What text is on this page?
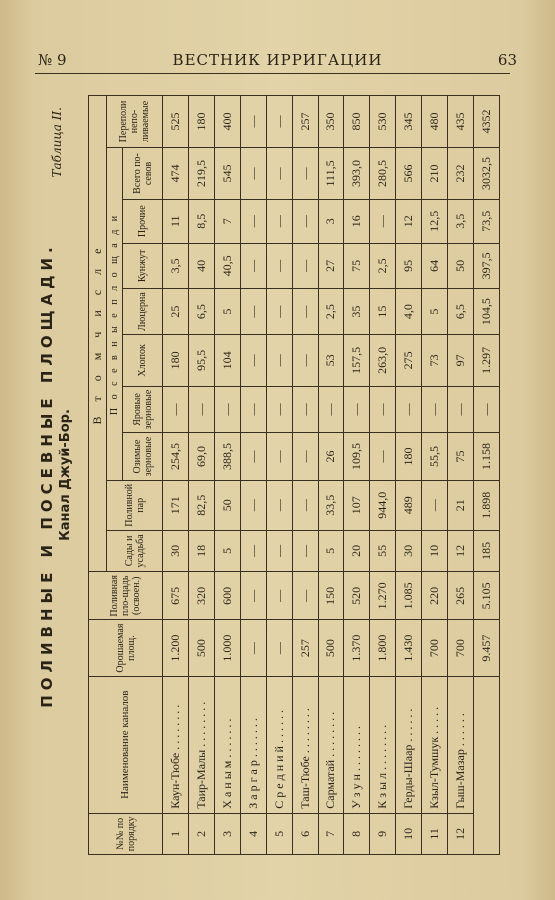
№ 9	ВЕСТНИК ИРРИГАЦИИ	63
ПОЛИВНЫЕ И ПОСЕВНЫЕ ПЛОЩАДИ. Канал Джуй-Бор.
Таблица II.
№№ по порядку	Наименование каналов	Орошаемая площ.	Поливная пло-щадь (освоен.)	В т о м ч и с л е									
				Сады и усадьба	Поливной пар	П о с е в н ы е п л о щ а д и							Переполи непо-ливаемые
						Озимые зерновые	Яровые зерновые	Хлопок	Люцерна	Кунжут	Прочие	Всего по-севов	
1	Каун-Тюбе . . . . . . . .	1.200	675	30	171	254,5	—	180	25	3,5	11	474	525
2	Таир-Малы . . . . . . . .	500	320	18	82,5	69,0	—	95,5	6,5	40	8,5	219,5	180
3	Х а н ы м . . . . . . .	1.000	600	5	50	388,5	—	104	5	40,5	7	545	400
4	З а р г а р . . . . . . .	—	—	—	—	—	—	—	—	—	—	—	—
5	С р е д н и й . . . . . .	—	—	—	—	—	—	—	—	—	—	—	—
6	Таш-Тюбе . . . . . . . .	257	—	—	—	—	—	—	—	—	—	—	257
7	Сарматай . . . . . . . .	500	150	5	33,5	26	—	53	2,5	27	3	111,5	350
8	У з у н . . . . . . . .	1.370	520	20	107	109,5	—	157,5	35	75	16	393,0	850
9	К з ы л . . . . . . . .	1.800	1.270	55	944,0	—	—	263,0	15	2,5	—	280,5	530
10	Герды-Шаар . . . . . .	1.430	1.085	30	489	180	—	275	4,0	95	12	566	345
11	Кзыл-Тумшук . . . . .	700	220	10	—	55,5	—	73	5	64	12,5	210	480
12	Гыш-Мазар . . . . . .	700	265	12	21	75	—	97	6,5	50	3,5	232	435
		9.457	5.105	185	1.898	1.158	—	1.297	104,5	397,5	73,5	3032,5	4352
